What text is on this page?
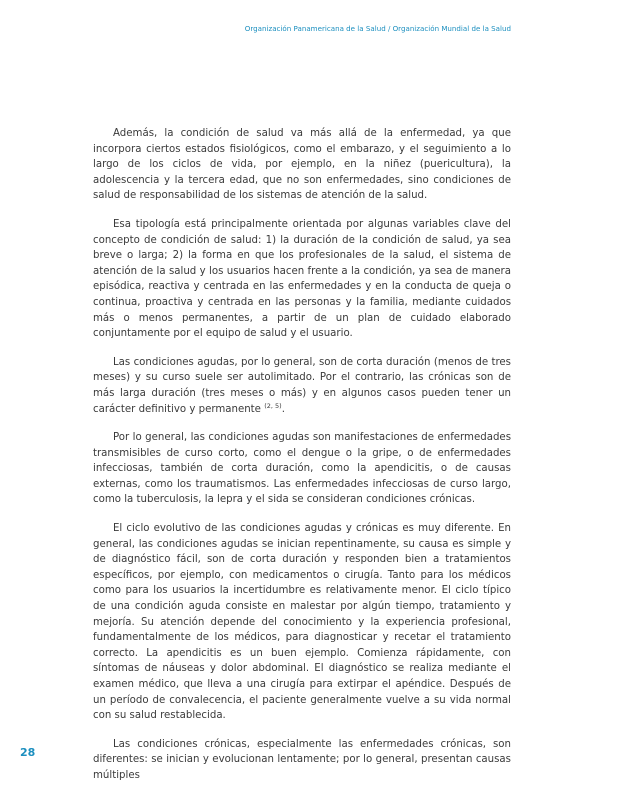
Organización Panamericana de la Salud / Organización Mundial de la Salud

Además, la condición de salud va más allá de la enfermedad, ya que incorpora ciertos estados fisiológicos, como el embarazo, y el seguimiento a lo largo de los ciclos de vida, por ejemplo, en la niñez (puericultura), la adolescencia y la tercera edad, que no son enfermedades, sino condiciones de salud de responsabilidad de los sistemas de atención de la salud.

Esa tipología está principalmente orientada por algunas variables clave del concepto de condición de salud: 1) la duración de la condición de salud, ya sea breve o larga; 2) la forma en que los profesionales de la salud, el sistema de atención de la salud y los usuarios hacen frente a la condición, ya sea de manera episódica, reactiva y centrada en las enfermedades y en la conducta de queja o continua, proactiva y centrada en las personas y la familia, mediante cuidados más o menos permanentes, a partir de un plan de cuidado elaborado conjuntamente por el equipo de salud y el usuario.

Las condiciones agudas, por lo general, son de corta duración (menos de tres meses) y su curso suele ser autolimitado. Por el contrario, las crónicas son de más larga duración (tres meses o más) y en algunos casos pueden tener un carácter definitivo y permanente $^{(2, 5)}$.

Por lo general, las condiciones agudas son manifestaciones de enfermedades transmisibles de curso corto, como el dengue o la gripe, o de enfermedades infecciosas, también de corta duración, como la apendicitis, o de causas externas, como los traumatismos. Las enfermedades infecciosas de curso largo, como la tuberculosis, la lepra y el sida se consideran condiciones crónicas.

El ciclo evolutivo de las condiciones agudas y crónicas es muy diferente. En general, las condiciones agudas se inician repentinamente, su causa es simple y de diagnóstico fácil, son de corta duración y responden bien a tratamientos específicos, por ejemplo, con medicamentos o cirugía. Tanto para los médicos como para los usuarios la incertidumbre es relativamente menor. El ciclo típico de una condición aguda consiste en malestar por algún tiempo, tratamiento y mejoría. Su atención depende del conocimiento y la experiencia profesional, fundamentalmente de los médicos, para diagnosticar y recetar el tratamiento correcto. La apendicitis es un buen ejemplo. Comienza rápidamente, con síntomas de náuseas y dolor abdominal. El diagnóstico se realiza mediante el examen médico, que lleva a una cirugía para extirpar el apéndice. Después de un período de convalecencia, el paciente generalmente vuelve a su vida normal con su salud restablecida.

Las condiciones crónicas, especialmente las enfermedades crónicas, son diferentes: se inician y evolucionan lentamente; por lo general, presentan causas múltiples

28
